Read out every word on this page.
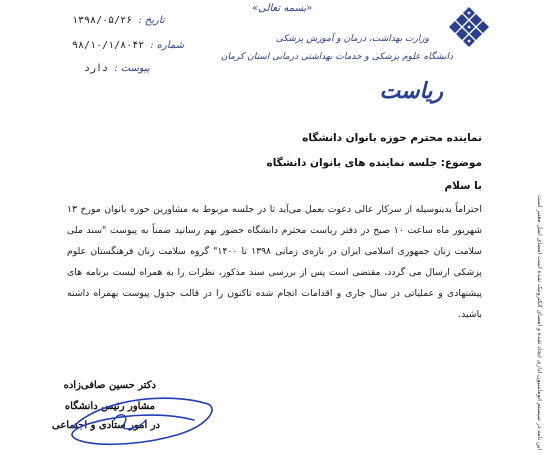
وزارت بهداشت، درمان و آموزش پزشکی
دانشگاه علوم پزشکی و خدمات بهداشتی درمانی استان کرمان
ریاست
«بسمه تعالی»
تاریخ :۱۳۹۸/۰۵/۲۶
شماره :۹۸/۱۰/۱/۸۰۴۲
پیوست :دارد
این نامه در سیستم اتوماسیون اداری ایجاد شده و امضای الکترونیک شده است امضای اصل معتبر است
نماینده محترم حوزه بانوان دانشگاه
موضوع: جلسه نماینده های بانوان دانشگاه
با سلام
احتراماً بدینوسیله از سرکار عالی دعوت بعمل می‌آید تا در جلسه مربوط به مشاورین حوزه بانوان مورخ ۱۳ شهریور ماه ساعت ۱۰ صبح در دفتر ریاست محترم دانشگاه حضور بهم رسانید ضمناً به پیوست "سند ملی سلامت زنان جمهوری اسلامی ایران در بازه‌ی زمانی ۱۳۹۸ تا ۱۴۰۰" گروه سلامت زنان فرهنگستان علوم پزشکی ارسال می گردد، مقتضی است پس از بررسی سند مذکور، نظرات را به همراه لیست برنامه های پیشنهادی و عملیاتی در سال جاری و اقدامات انجام شده تاکنون را در قالب جدول پیوست بهمراه داشته باشید.
دکتر حسین صافی‌زاده
مشاور رئیس دانشگاه
در امور ستادی و اجتماعی
